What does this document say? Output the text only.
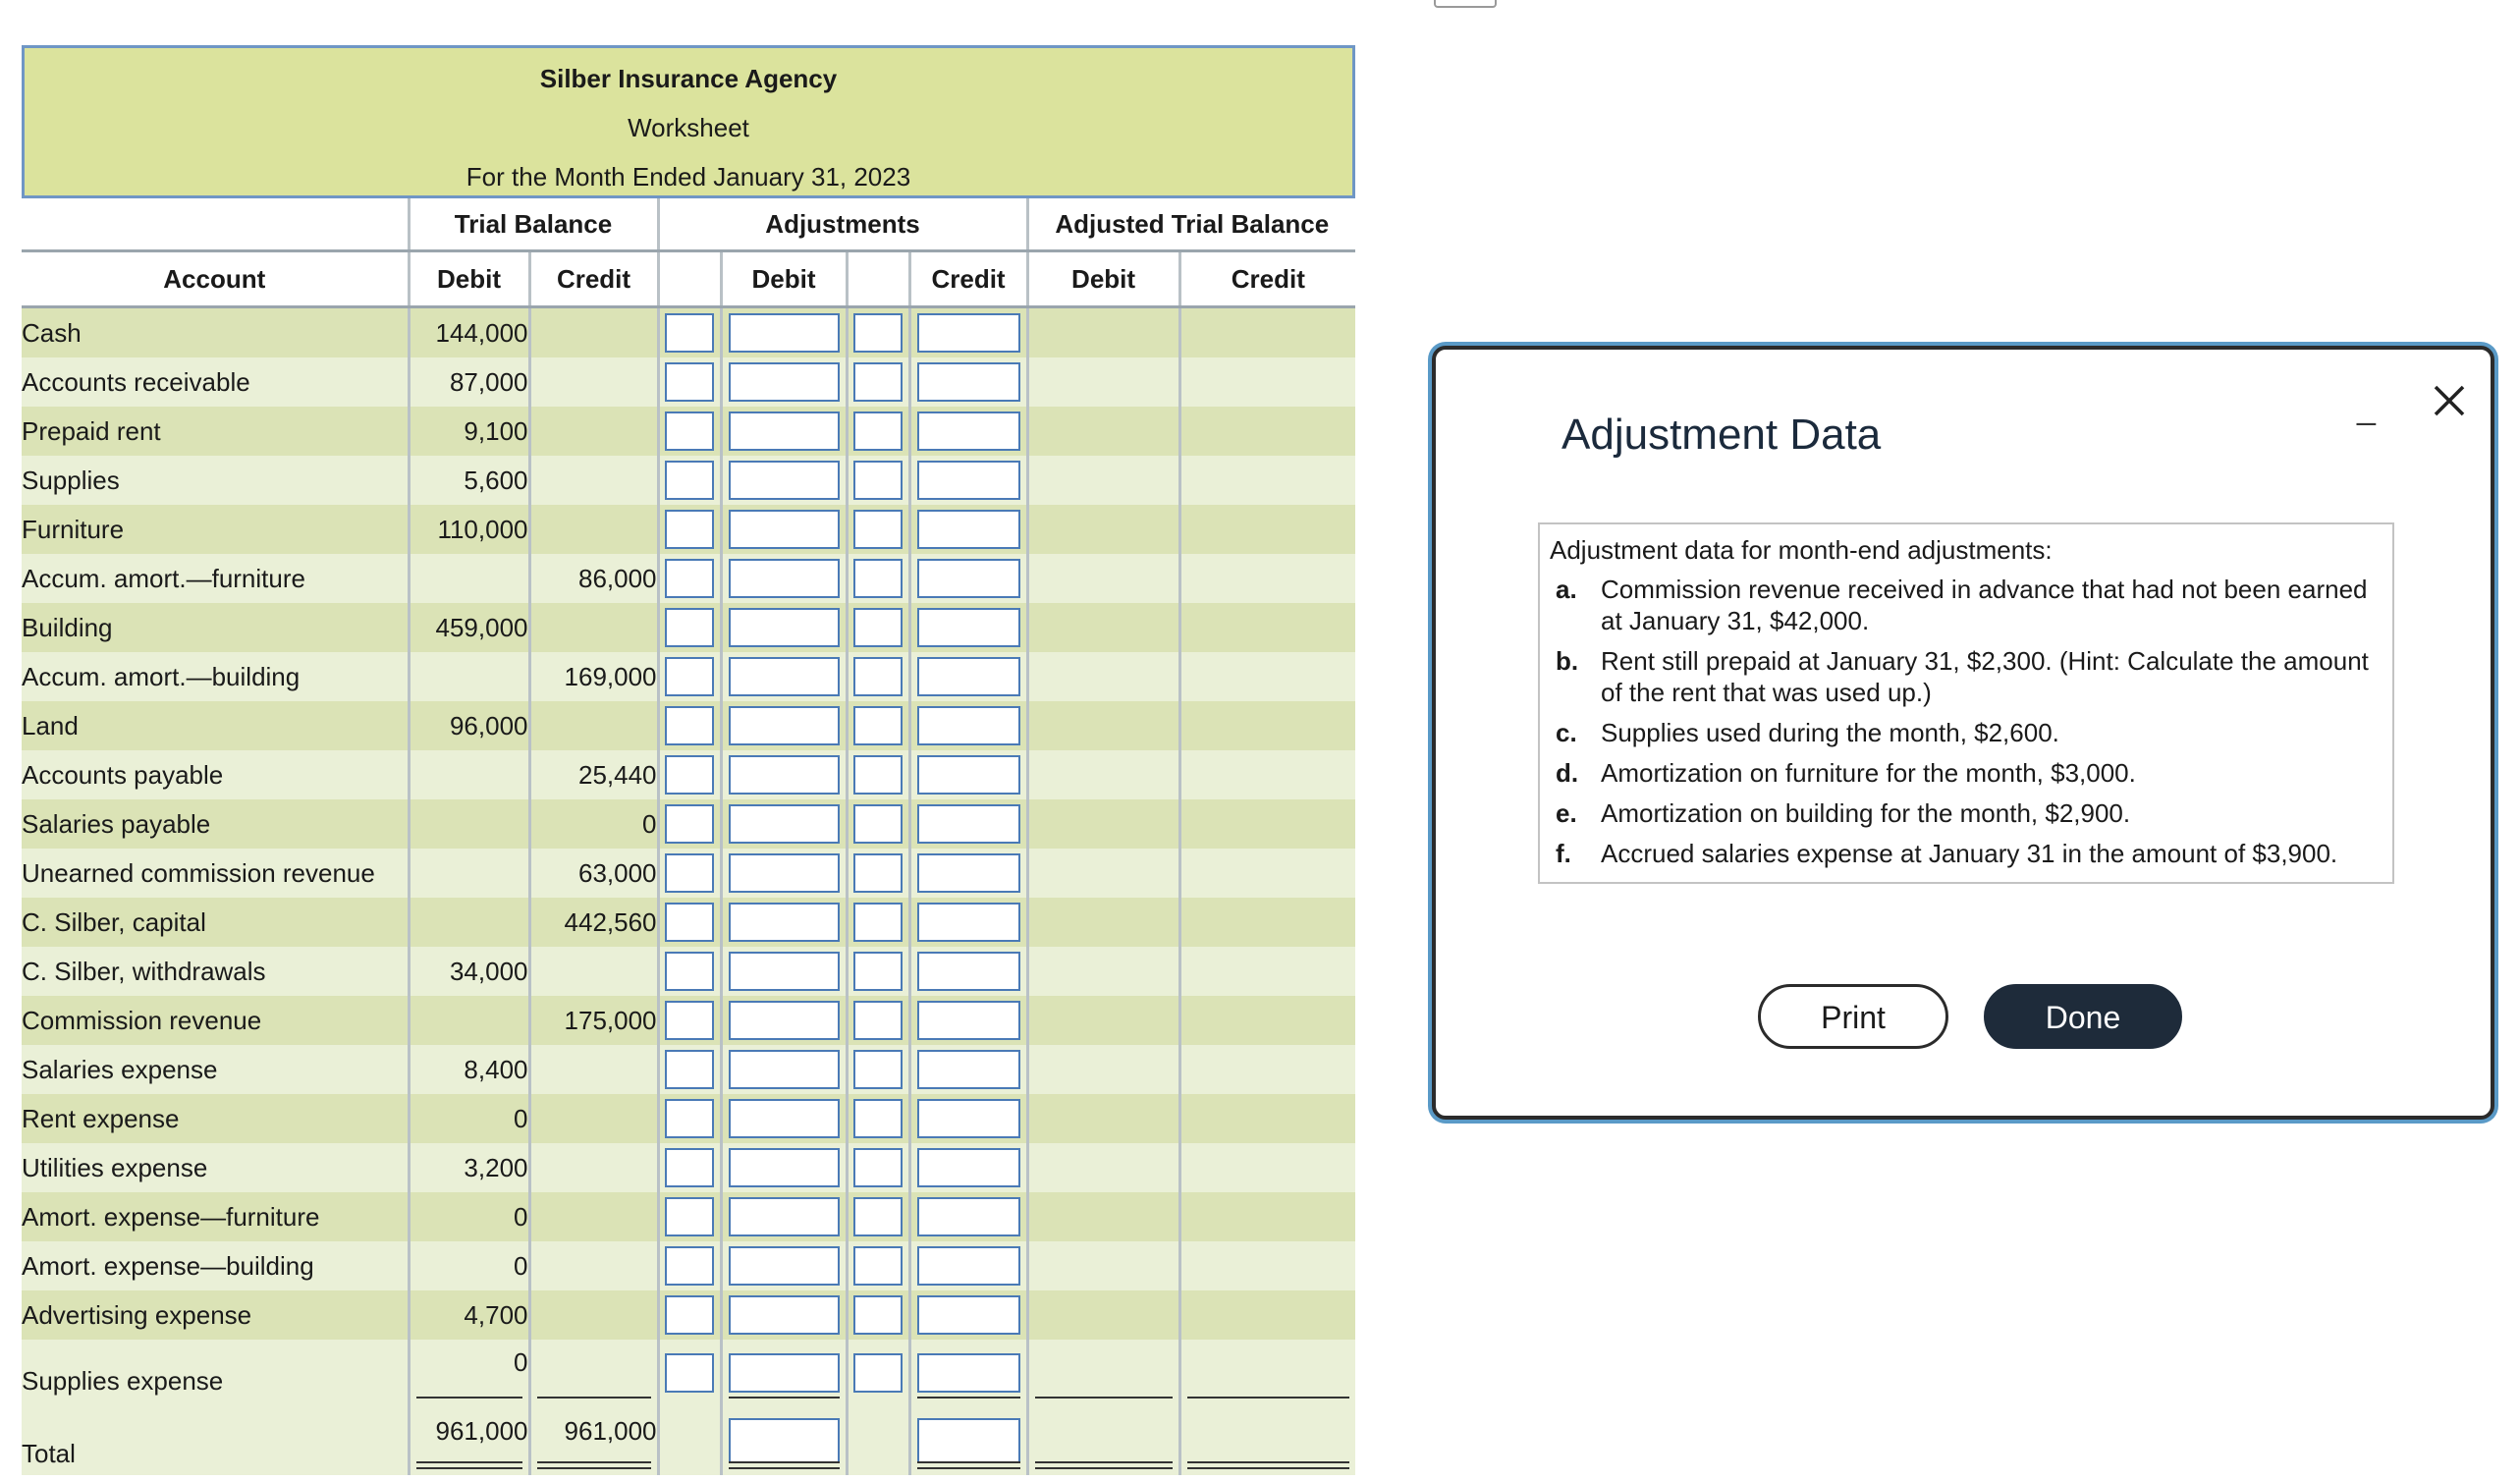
Silber Insurance Agency
Worksheet
For the Month Ended January 31, 2023
	Trial Balance		Adjustments				Adjusted Trial Balance	
Account	Debit	Credit		Debit		Credit	Debit	Credit
Cash	144,000							
Accounts receivable	87,000							
Prepaid rent	9,100							
Supplies	5,600							
Furniture	110,000							
Accum. amort.—furniture		86,000						
Building	459,000							
Accum. amort.—building		169,000						
Land	96,000							
Accounts payable		25,440						
Salaries payable		0						
Unearned commission revenue		63,000						
C. Silber, capital		442,560						
C. Silber, withdrawals	34,000							
Commission revenue		175,000						
Salaries expense	8,400							
Rent expense	0							
Utilities expense	3,200							
Amort. expense—furniture	0							
Amort. expense—building	0							
Advertising expense	4,700							
Supplies expense	0							
Total	961,000	961,000						
Adjustment Data
_
Adjustment data for month-end adjustments:
a. Commission revenue received in advance that had not been earned at January 31, $42,000.
b. Rent still prepaid at January 31, $2,300. (Hint: Calculate the amount of the rent that was used up.)
c. Supplies used during the month, $2,600.
d. Amortization on furniture for the month, $3,000.
e. Amortization on building for the month, $2,900.
f.	Accrued salaries expense at January 31 in the amount of $3,900.
Print	Done
